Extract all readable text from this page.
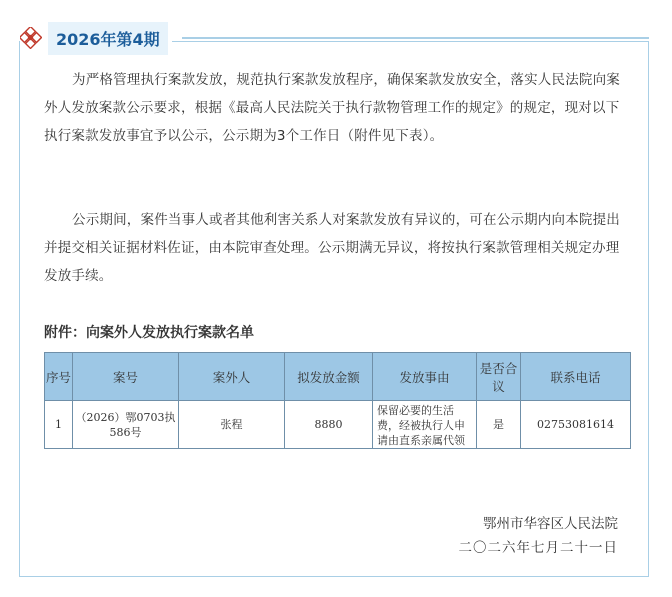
2026年第4期
为严格管理执行案款发放，规范执行案款发放程序，确保案款发放安全，落实人民法院向案外人发放案款公示要求，根据《最高人民法院关于执行款物管理工作的规定》的规定，现对以下执行案款发放事宜予以公示，公示期为3个工作日（附件见下表）。
公示期间，案件当事人或者其他利害关系人对案款发放有异议的，可在公示期内向本院提出并提交相关证据材料佐证，由本院审查处理。公示期满无异议，将按执行案款管理相关规定办理发放手续。
附件：向案外人发放执行案款名单
序号	案号	案外人	拟发放金额	发放事由	是否合议	联系电话
1	（2026）鄂0703执586号	张程	8880	保留必要的生活费，经被执行人申请由直系亲属代领	是	02753081614
鄂州市华容区人民法院
二〇二六年七月二十一日
